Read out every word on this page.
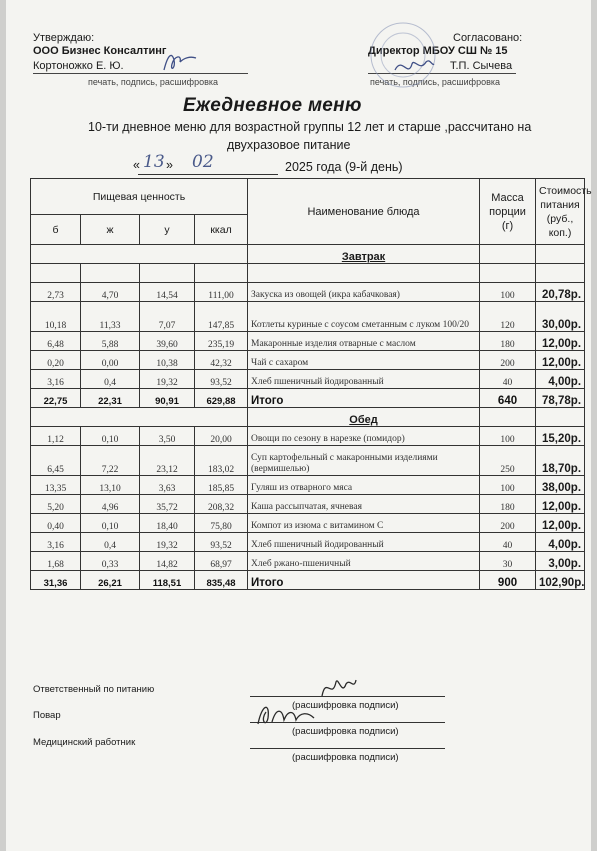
Утверждаю:
ООО Бизнес Консалтинг
Кортоножко Е. Ю.
печать, подпись, расшифровка
Согласовано:
Директор МБОУ СШ № 15
Т.П. Сычева
печать, подпись, расшифровка
Ежедневное меню
10-ти дневное меню для возрастной группы 12 лет и старше ,рассчитано на
двухразовое питание
« 13 » 02	2025 года (9-й день)
Пищевая ценность				Наименование блюда	Масса порции (г)	Стоимость питания (руб., коп.)
б	ж	у	ккал			
				Завтрак		

2,73	4,70	14,54	111,00	Закуска из овощей (икра кабачковая)	100	20,78р.
10,18	11,33	7,07	147,85	Котлеты куриные с соусом сметанным с луком 100/20	120	30,00р.
6,48	5,88	39,60	235,19	Макаронные изделия отварные с маслом	180	12,00р.
0,20	0,00	10,38	42,32	Чай с сахаром	200	12,00р.
3,16	0,4	19,32	93,52	Хлеб пшеничный йодированный	40	4,00р.
22,75	22,31	90,91	629,88	Итого	640	78,78р.
				Обед		
1,12	0,10	3,50	20,00	Овощи по сезону в нарезке (помидор)	100	15,20р.
6,45	7,22	23,12	183,02	Суп картофельный с макаронными изделиями (вермишелью)	250	18,70р.
13,35	13,10	3,63	185,85	Гуляш из отварного мяса	100	38,00р.
5,20	4,96	35,72	208,32	Каша рассыпчатая, ячневая	180	12,00р.
0,40	0,10	18,40	75,80	Компот из изюма с витамином С	200	12,00р.
3,16	0,4	19,32	93,52	Хлеб пшеничный йодированный	40	4,00р.
1,68	0,33	14,82	68,97	Хлеб ржано-пшеничный	30	3,00р.
31,36	26,21	118,51	835,48	Итого	900	102,90р.
Ответственный по питанию
(расшифровка подписи)
Повар
(расшифровка подписи)
Медицинский работник
(расшифровка подписи)
